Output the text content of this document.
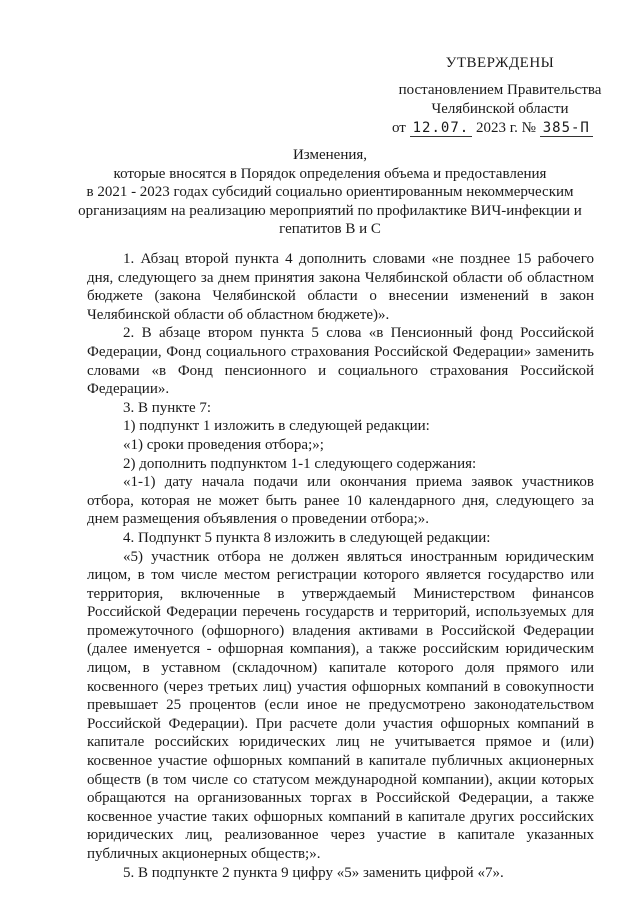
УТВЕРЖДЕНЫ
постановлением Правительства
Челябинской области
от 12.07. 2023 г. № 385-П
Изменения,
которые вносятся в Порядок определения объема и предоставления
в 2021 - 2023 годах субсидий социально ориентированным некоммерческим
организациям на реализацию мероприятий по профилактике ВИЧ-инфекции и
гепатитов В и С

1. Абзац второй пункта 4 дополнить словами «не позднее 15 рабочего дня, следующего за днем принятия закона Челябинской области об областном бюджете (закона Челябинской области о внесении изменений в закон Челябинской области об областном бюджете)».

2. В абзаце втором пункта 5 слова «в Пенсионный фонд Российской Федерации, Фонд социального страхования Российской Федерации» заменить словами «в Фонд пенсионного и социального страхования Российской Федерации».

3. В пункте 7:

1) подпункт 1 изложить в следующей редакции:

«1) сроки проведения отбора;»;

2) дополнить подпунктом 1-1 следующего содержания:

«1-1) дату начала подачи или окончания приема заявок участников отбора, которая не может быть ранее 10 календарного дня, следующего за днем размещения объявления о проведении отбора;».

4. Подпункт 5 пункта 8 изложить в следующей редакции:

«5) участник отбора не должен являться иностранным юридическим лицом, в том числе местом регистрации которого является государство или территория, включенные в утверждаемый Министерством финансов Российской Федерации перечень государств и территорий, используемых для промежуточного (офшорного) владения активами в Российской Федерации (далее именуется - офшорная компания), а также российским юридическим лицом, в уставном (складочном) капитале которого доля прямого или косвенного (через третьих лиц) участия офшорных компаний в совокупности превышает 25 процентов (если иное не предусмотрено законодательством Российской Федерации). При расчете доли участия офшорных компаний в капитале российских юридических лиц не учитывается прямое и (или) косвенное участие офшорных компаний в капитале публичных акционерных обществ (в том числе со статусом международной компании), акции которых обращаются на организованных торгах в Российской Федерации, а также косвенное участие таких офшорных компаний в капитале других российских юридических лиц, реализованное через участие в капитале указанных публичных акционерных обществ;».

5. В подпункте 2 пункта 9 цифру «5» заменить цифрой «7».
